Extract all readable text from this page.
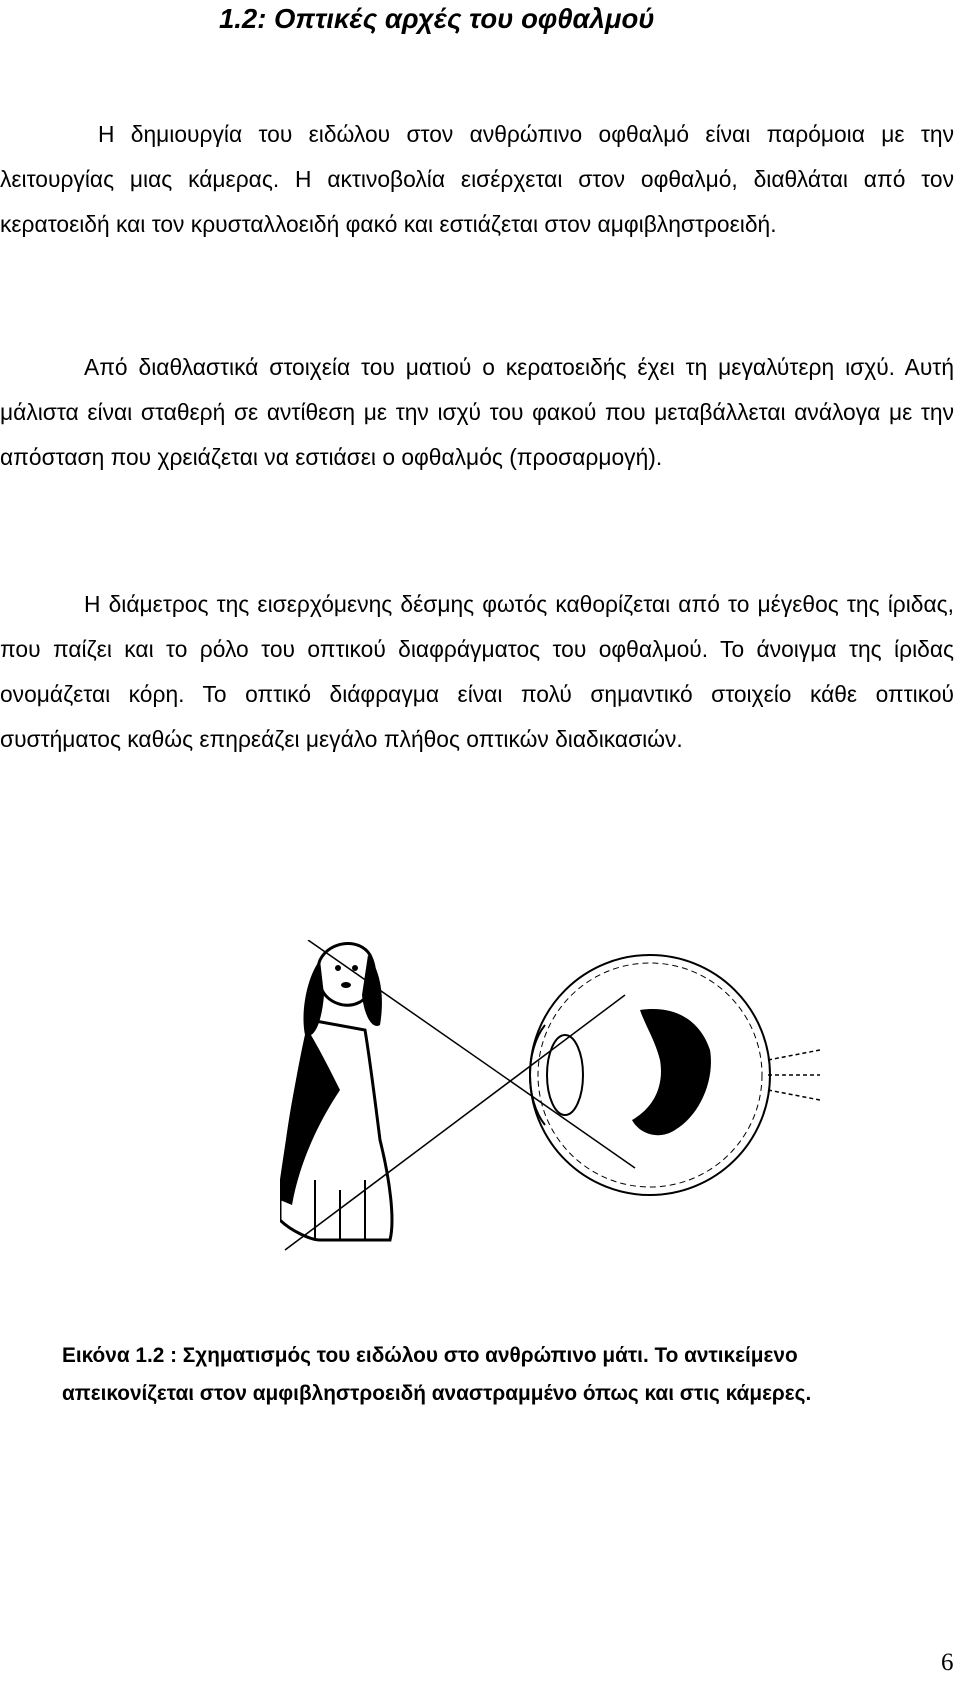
1.2: Οπτικές αρχές του οφθαλμού

Η δημιουργία του ειδώλου στον ανθρώπινο οφθαλμό είναι παρόμοια με την λειτουργίας μιας κάμερας. Η ακτινοβολία εισέρχεται στον οφθαλμό, διαθλάται από τον κερατοειδή και τον κρυσταλλοειδή φακό και εστιάζεται στον αμφιβληστροειδή.

Από διαθλαστικά στοιχεία του ματιού ο κερατοειδής έχει τη μεγαλύτερη ισχύ. Αυτή μάλιστα είναι σταθερή σε αντίθεση με την ισχύ του φακού που μεταβάλλεται ανάλογα με την απόσταση που χρειάζεται να εστιάσει ο οφθαλμός (προσαρμογή).

Η διάμετρος της εισερχόμενης δέσμης φωτός καθορίζεται από το μέγεθος της ίριδας, που παίζει και το ρόλο του οπτικού διαφράγματος του οφθαλμού. Το άνοιγμα της ίριδας ονομάζεται κόρη. Το οπτικό διάφραγμα είναι πολύ σημαντικό στοιχείο κάθε οπτικού συστήματος καθώς επηρεάζει μεγάλο πλήθος οπτικών διαδικασιών.

Εικόνα 1.2 : Σχηματισμός του ειδώλου στο ανθρώπινο μάτι. Το αντικείμενο απεικονίζεται στον αμφιβληστροειδή αναστραμμένο όπως και στις κάμερες.

6
